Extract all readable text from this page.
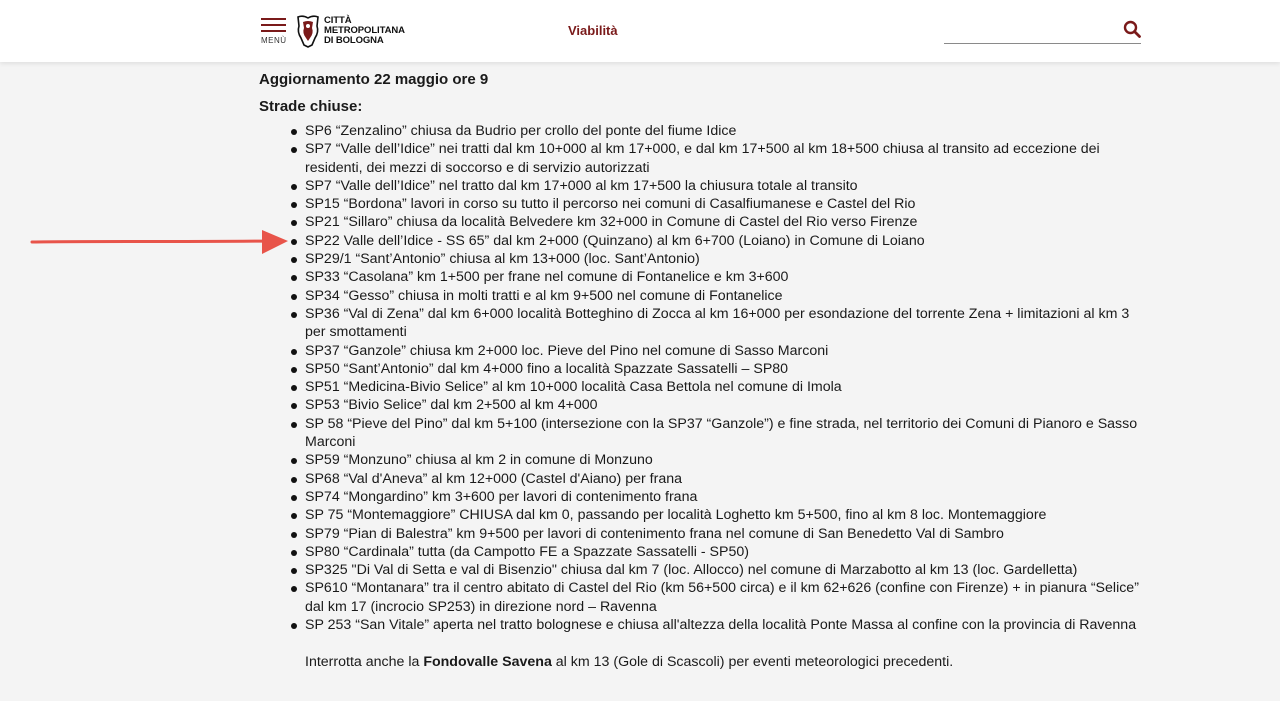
MENÙ
CITTÀ
METROPOLITANA
DI BOLOGNA
Viabilità
Aggiornamento 22 maggio ore 9
Strade chiuse:
SP6 “Zenzalino” chiusa da Budrio per crollo del ponte del fiume Idice
SP7 “Valle dell’Idice” nei tratti dal km 10+000 al km 17+000, e dal km 17+500 al km 18+500 chiusa al transito ad eccezione dei residenti, dei mezzi di soccorso e di servizio autorizzati
SP7 “Valle dell’Idice” nel tratto dal km 17+000 al km 17+500 la chiusura totale al transito
SP15 “Bordona” lavori in corso su tutto il percorso nei comuni di Casalfiumanese e Castel del Rio
SP21 “Sillaro” chiusa da località Belvedere km 32+000 in Comune di Castel del Rio verso Firenze
SP22 Valle dell’Idice - SS 65” dal km 2+000 (Quinzano) al km 6+700 (Loiano) in Comune di Loiano
SP29/1 “Sant’Antonio” chiusa al km 13+000 (loc. Sant’Antonio)
SP33 “Casolana” km 1+500 per frane nel comune di Fontanelice e km 3+600
SP34 “Gesso” chiusa in molti tratti e al km 9+500 nel comune di Fontanelice
SP36 “Val di Zena” dal km 6+000 località Botteghino di Zocca al km 16+000 per esondazione del torrente Zena + limitazioni al km 3 per smottamenti
SP37 “Ganzole” chiusa km 2+000 loc. Pieve del Pino nel comune di Sasso Marconi
SP50 “Sant’Antonio” dal km 4+000 fino a località Spazzate Sassatelli – SP80
SP51 “Medicina-Bivio Selice” al km 10+000 località Casa Bettola nel comune di Imola
SP53 “Bivio Selice” dal km 2+500 al km 4+000
SP 58 “Pieve del Pino” dal km 5+100 (intersezione con la SP37 “Ganzole”) e fine strada, nel territorio dei Comuni di Pianoro e Sasso Marconi
SP59 “Monzuno” chiusa al km 2 in comune di Monzuno
SP68 “Val d'Aneva” al km 12+000 (Castel d'Aiano) per frana
SP74 “Mongardino” km 3+600 per lavori di contenimento frana
SP 75 “Montemaggiore” CHIUSA dal km 0, passando per località Loghetto km 5+500, fino al km 8 loc. Montemaggiore
SP79 “Pian di Balestra” km 9+500 per lavori di contenimento frana nel comune di San Benedetto Val di Sambro
SP80 “Cardinala” tutta (da Campotto FE a Spazzate Sassatelli - SP50)
SP325 "Di Val di Setta e val di Bisenzio" chiusa dal km 7 (loc. Allocco) nel comune di Marzabotto al km 13 (loc. Gardelletta)
SP610 “Montanara” tra il centro abitato di Castel del Rio (km 56+500 circa) e il km 62+626 (confine con Firenze) + in pianura “Selice” dal km 17 (incrocio SP253) in direzione nord – Ravenna
SP 253 “San Vitale” aperta nel tratto bolognese e chiusa all'altezza della località Ponte Massa al confine con la provincia di Ravenna

Interrotta anche la Fondovalle Savena al km 13 (Gole di Scascoli) per eventi meteorologici precedenti.
